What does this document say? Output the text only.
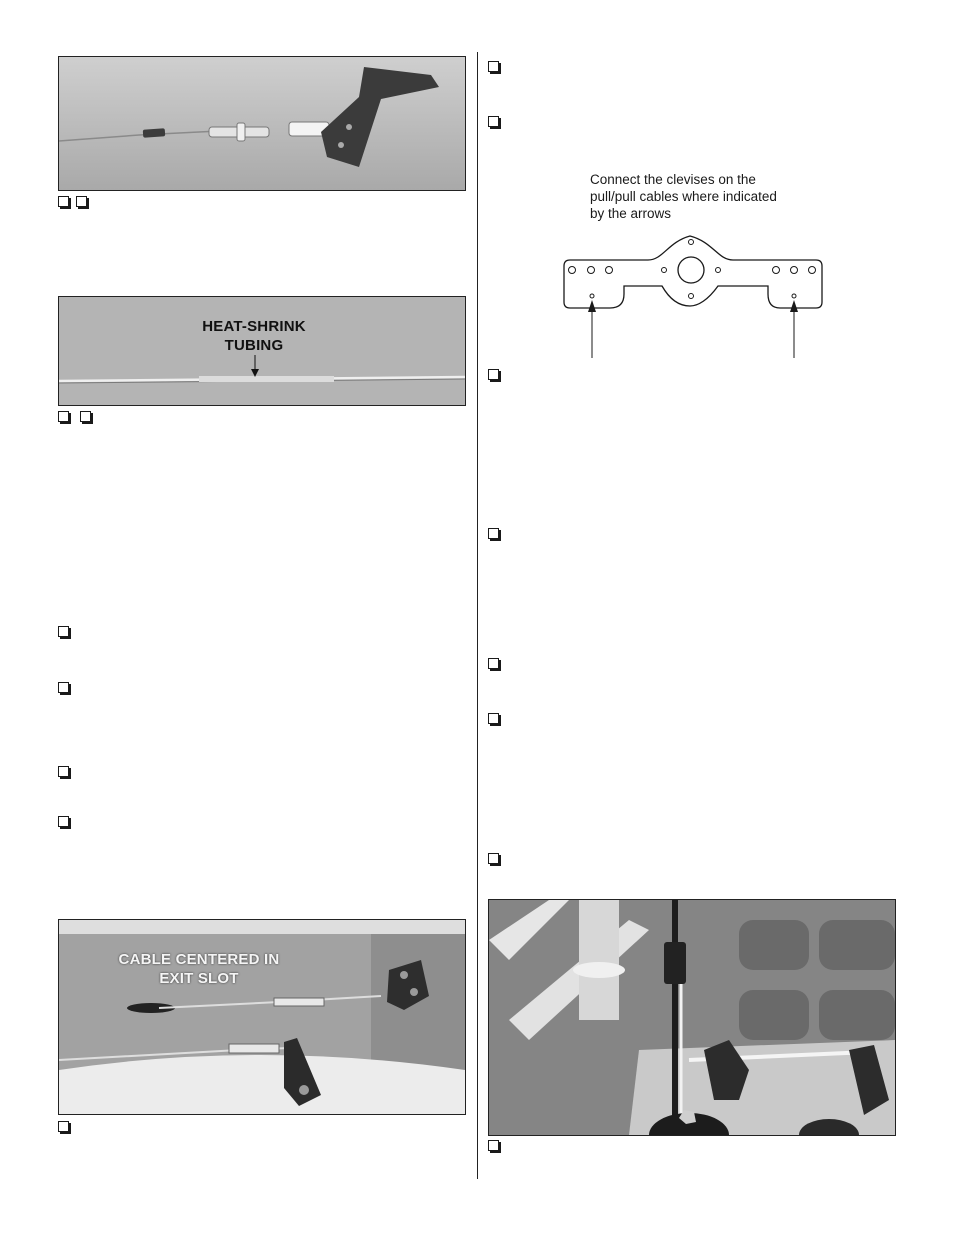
HEAT-SHRINK
TUBING
CABLE CENTERED IN
EXIT SLOT
Connect the clevises on the
pull/pull cables where indicated
by the arrows
